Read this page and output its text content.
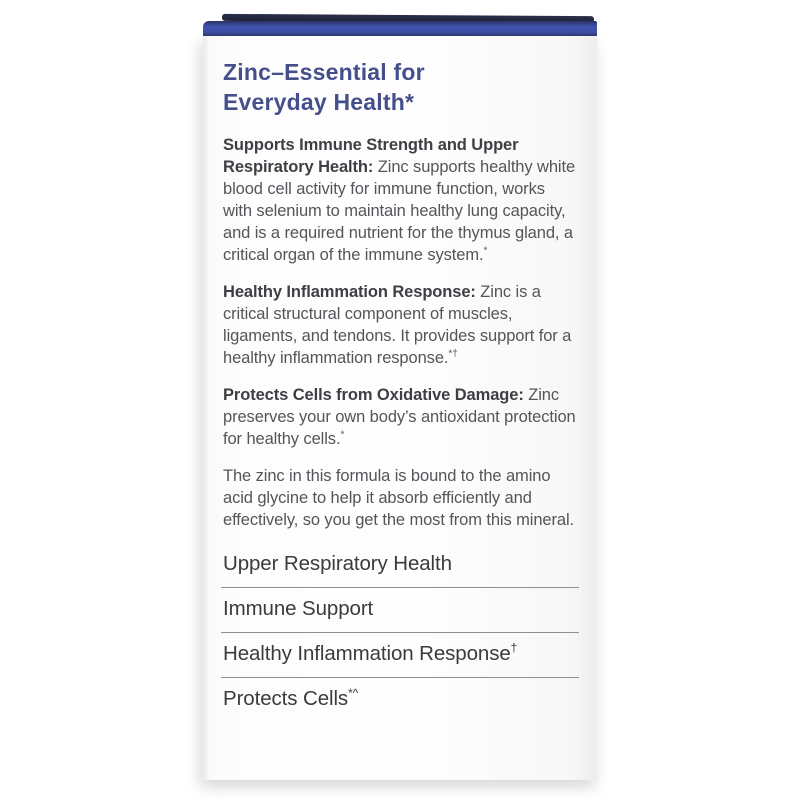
Zinc–Essential for Everyday Health*

Supports Immune Strength and Upper Respiratory Health: Zinc supports healthy white blood cell activity for immune function, works with selenium to maintain healthy lung capacity, and is a required nutrient for the thymus gland, a critical organ of the immune system.*

Healthy Inflammation Response: Zinc is a critical structural component of muscles, ligaments, and tendons. It provides support for a healthy inflammation response.*†

Protects Cells from Oxidative Damage: Zinc preserves your own body’s antioxidant protection for healthy cells.*

The zinc in this formula is bound to the amino acid glycine to help it absorb efficiently and effectively, so you get the most from this mineral.

Upper Respiratory Health
Immune Support
Healthy Inflammation Response†
Protects Cells*^
